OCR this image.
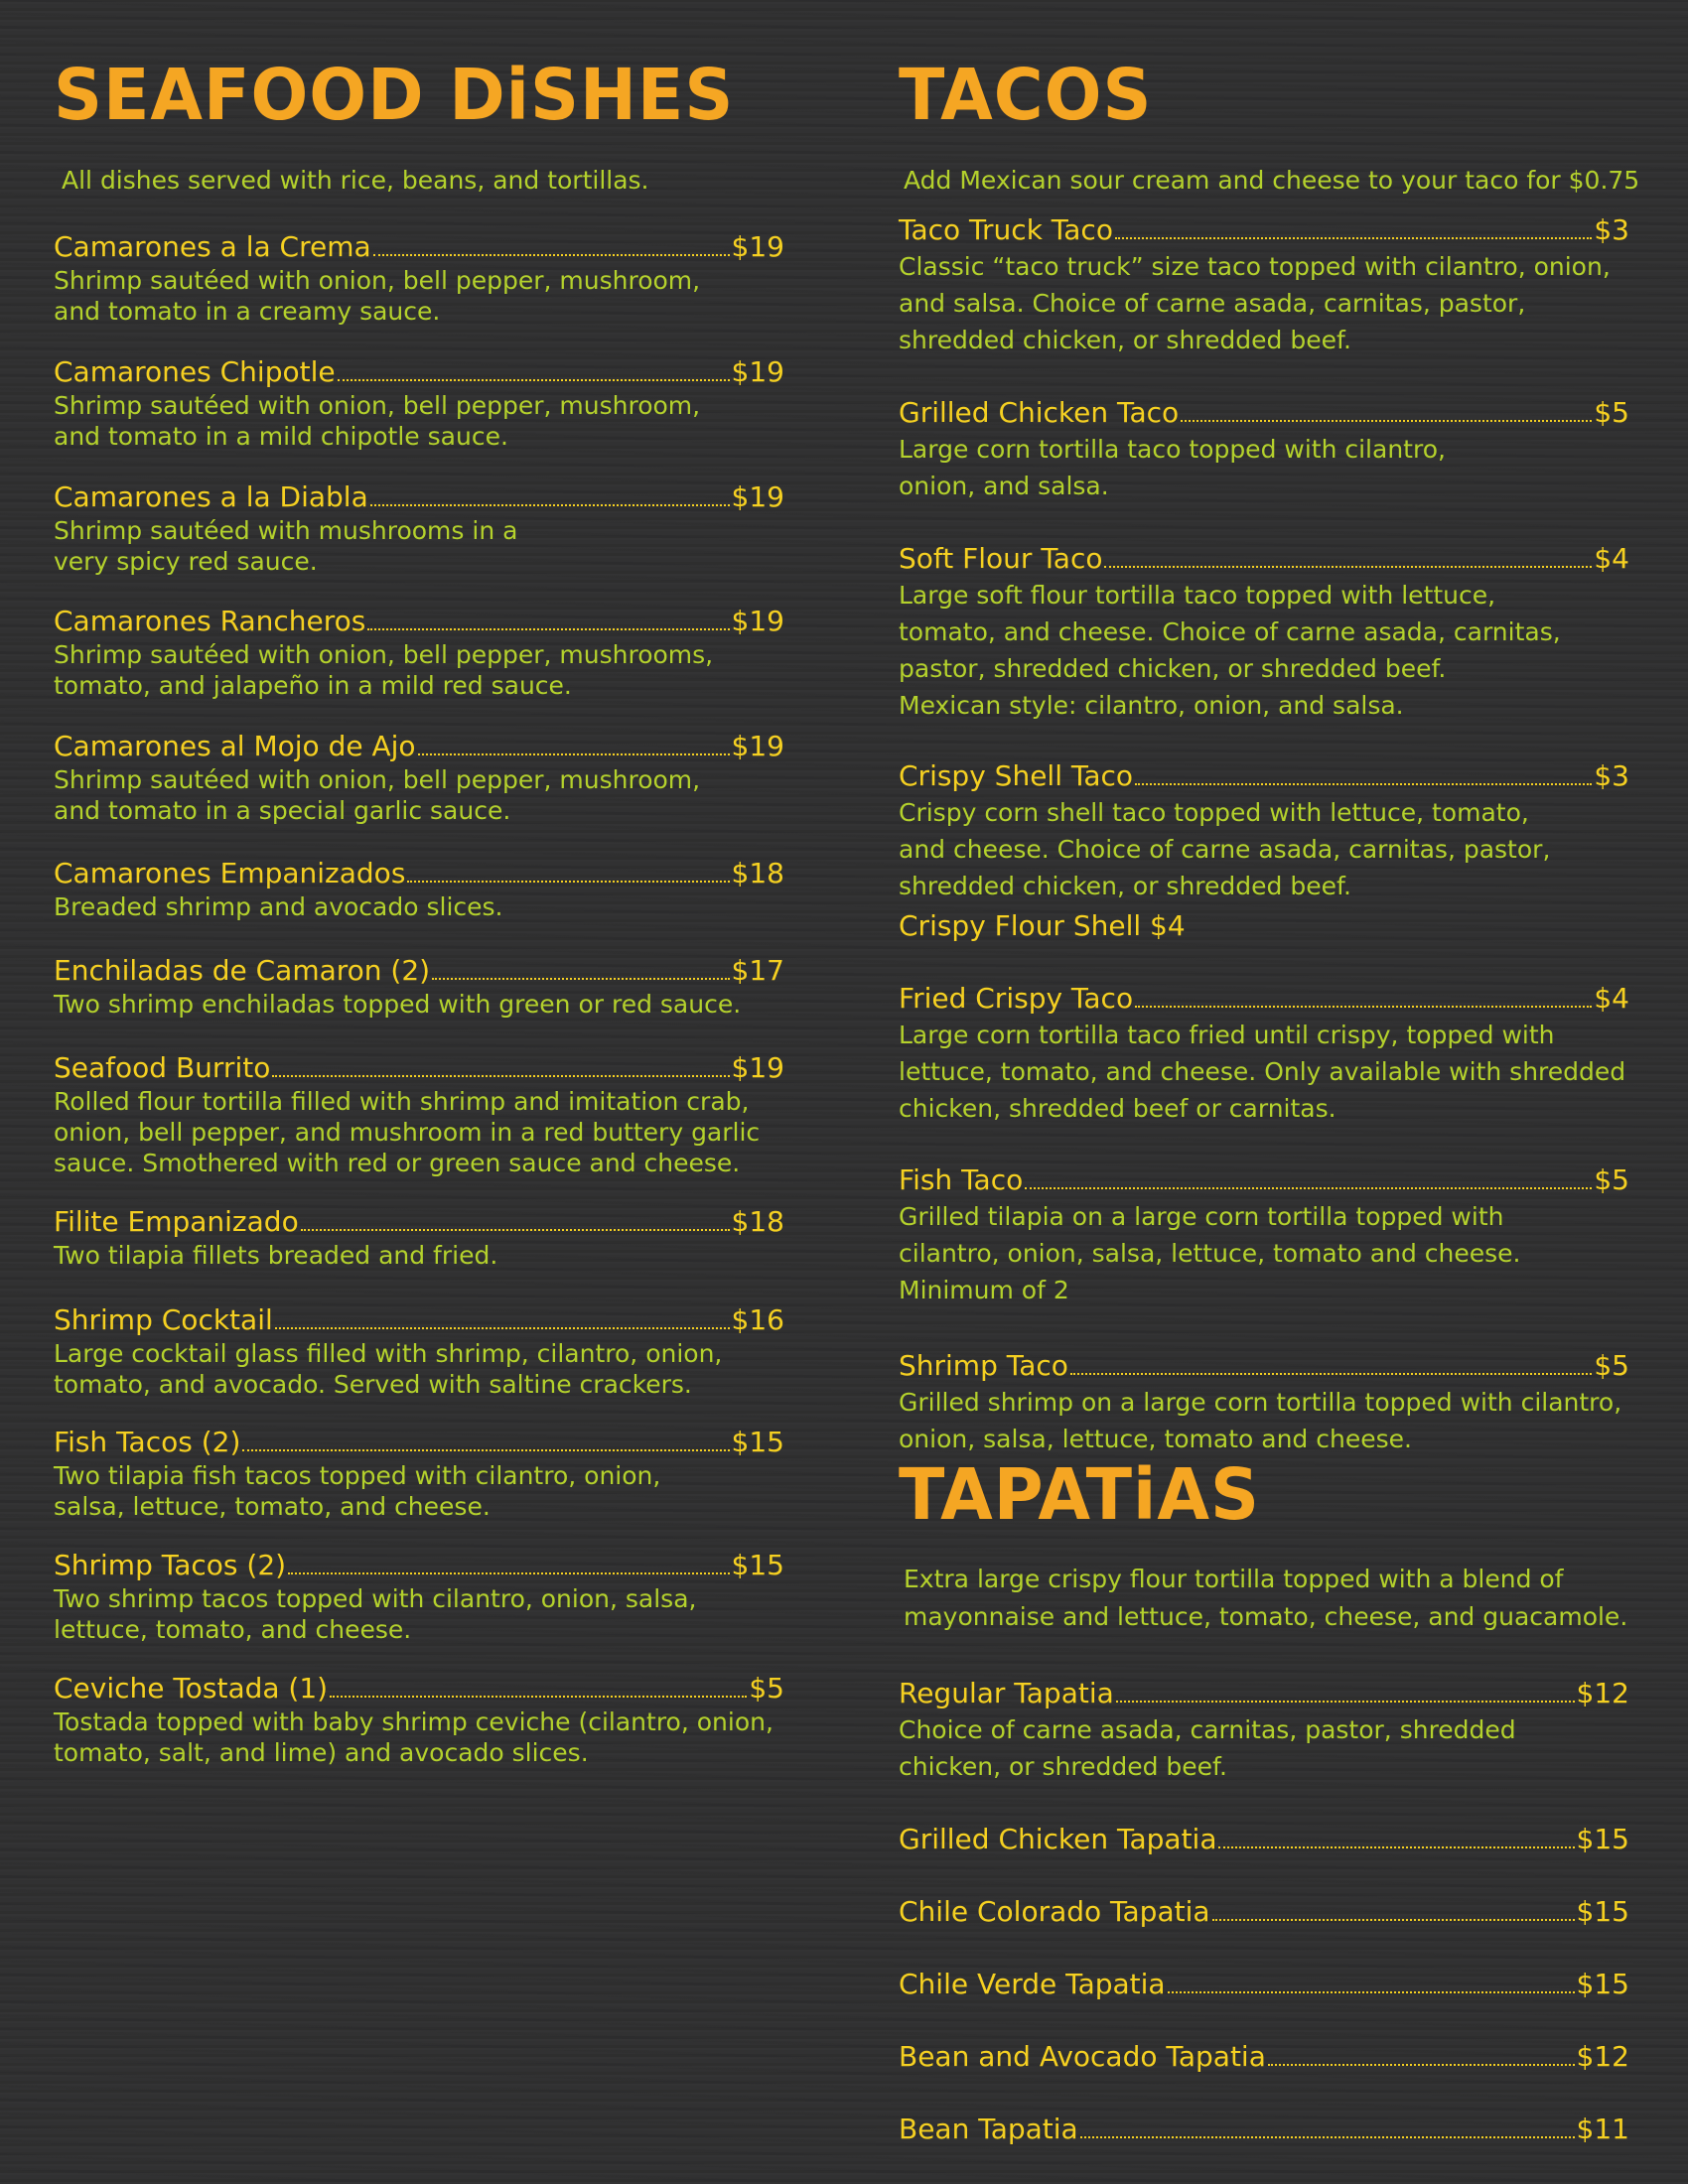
SEAFOOD DiSHES
All dishes served with rice, beans, and tortillas.
Camarones a la Crema	$19
Shrimp sautéed with onion, bell pepper, mushroom,
and tomato in a creamy sauce.
Camarones Chipotle	$19
Shrimp sautéed with onion, bell pepper, mushroom,
and tomato in a mild chipotle sauce.
Camarones a la Diabla	$19
Shrimp sautéed with mushrooms in a
very spicy red sauce.
Camarones Rancheros	$19
Shrimp sautéed with onion, bell pepper, mushrooms,
tomato, and jalapeño in a mild red sauce.
Camarones al Mojo de Ajo	$19
Shrimp sautéed with onion, bell pepper, mushroom,
and tomato in a special garlic sauce.
Camarones Empanizados	$18
Breaded shrimp and avocado slices.
Enchiladas de Camaron (2)	$17
Two shrimp enchiladas topped with green or red sauce.
Seafood Burrito	$19
Rolled flour tortilla filled with shrimp and imitation crab,
onion, bell pepper, and mushroom in a red buttery garlic
sauce. Smothered with red or green sauce and cheese.
Filite Empanizado	$18
Two tilapia fillets breaded and fried.
Shrimp Cocktail	$16
Large cocktail glass filled with shrimp, cilantro, onion,
tomato, and avocado. Served with saltine crackers.
Fish Tacos (2)	$15
Two tilapia fish tacos topped with cilantro, onion,
salsa, lettuce, tomato, and cheese.
Shrimp Tacos (2)	$15
Two shrimp tacos topped with cilantro, onion, salsa,
lettuce, tomato, and cheese.
Ceviche Tostada (1)	$5
Tostada topped with baby shrimp ceviche (cilantro, onion,
tomato, salt, and lime) and avocado slices.
TACOS
Add Mexican sour cream and cheese to your taco for $0.75
Taco Truck Taco	$3
Classic “taco truck” size taco topped with cilantro, onion,
and salsa. Choice of carne asada, carnitas, pastor,
shredded chicken, or shredded beef.
Grilled Chicken Taco	$5
Large corn tortilla taco topped with cilantro,
onion, and salsa.
Soft Flour Taco	$4
Large soft flour tortilla taco topped with lettuce,
tomato, and cheese. Choice of carne asada, carnitas,
pastor, shredded chicken, or shredded beef.
Mexican style: cilantro, onion, and salsa.
Crispy Shell Taco	$3
Crispy corn shell taco topped with lettuce, tomato,
and cheese. Choice of carne asada, carnitas, pastor,
shredded chicken, or shredded beef.
Crispy Flour Shell $4
Fried Crispy Taco	$4
Large corn tortilla taco fried until crispy, topped with
lettuce, tomato, and cheese. Only available with shredded
chicken, shredded beef or carnitas.
Fish Taco	$5
Grilled tilapia on a large corn tortilla topped with
cilantro, onion, salsa, lettuce, tomato and cheese.
Minimum of 2
Shrimp Taco	$5
Grilled shrimp on a large corn tortilla topped with cilantro,
onion, salsa, lettuce, tomato and cheese.
TAPATiAS
Extra large crispy flour tortilla topped with a blend of
mayonnaise and lettuce, tomato, cheese, and guacamole.
Regular Tapatia	$12
Choice of carne asada, carnitas, pastor, shredded
chicken, or shredded beef.
Grilled Chicken Tapatia	$15
Chile Colorado Tapatia	$15
Chile Verde Tapatia	$15
Bean and Avocado Tapatia	$12
Bean Tapatia	$11
